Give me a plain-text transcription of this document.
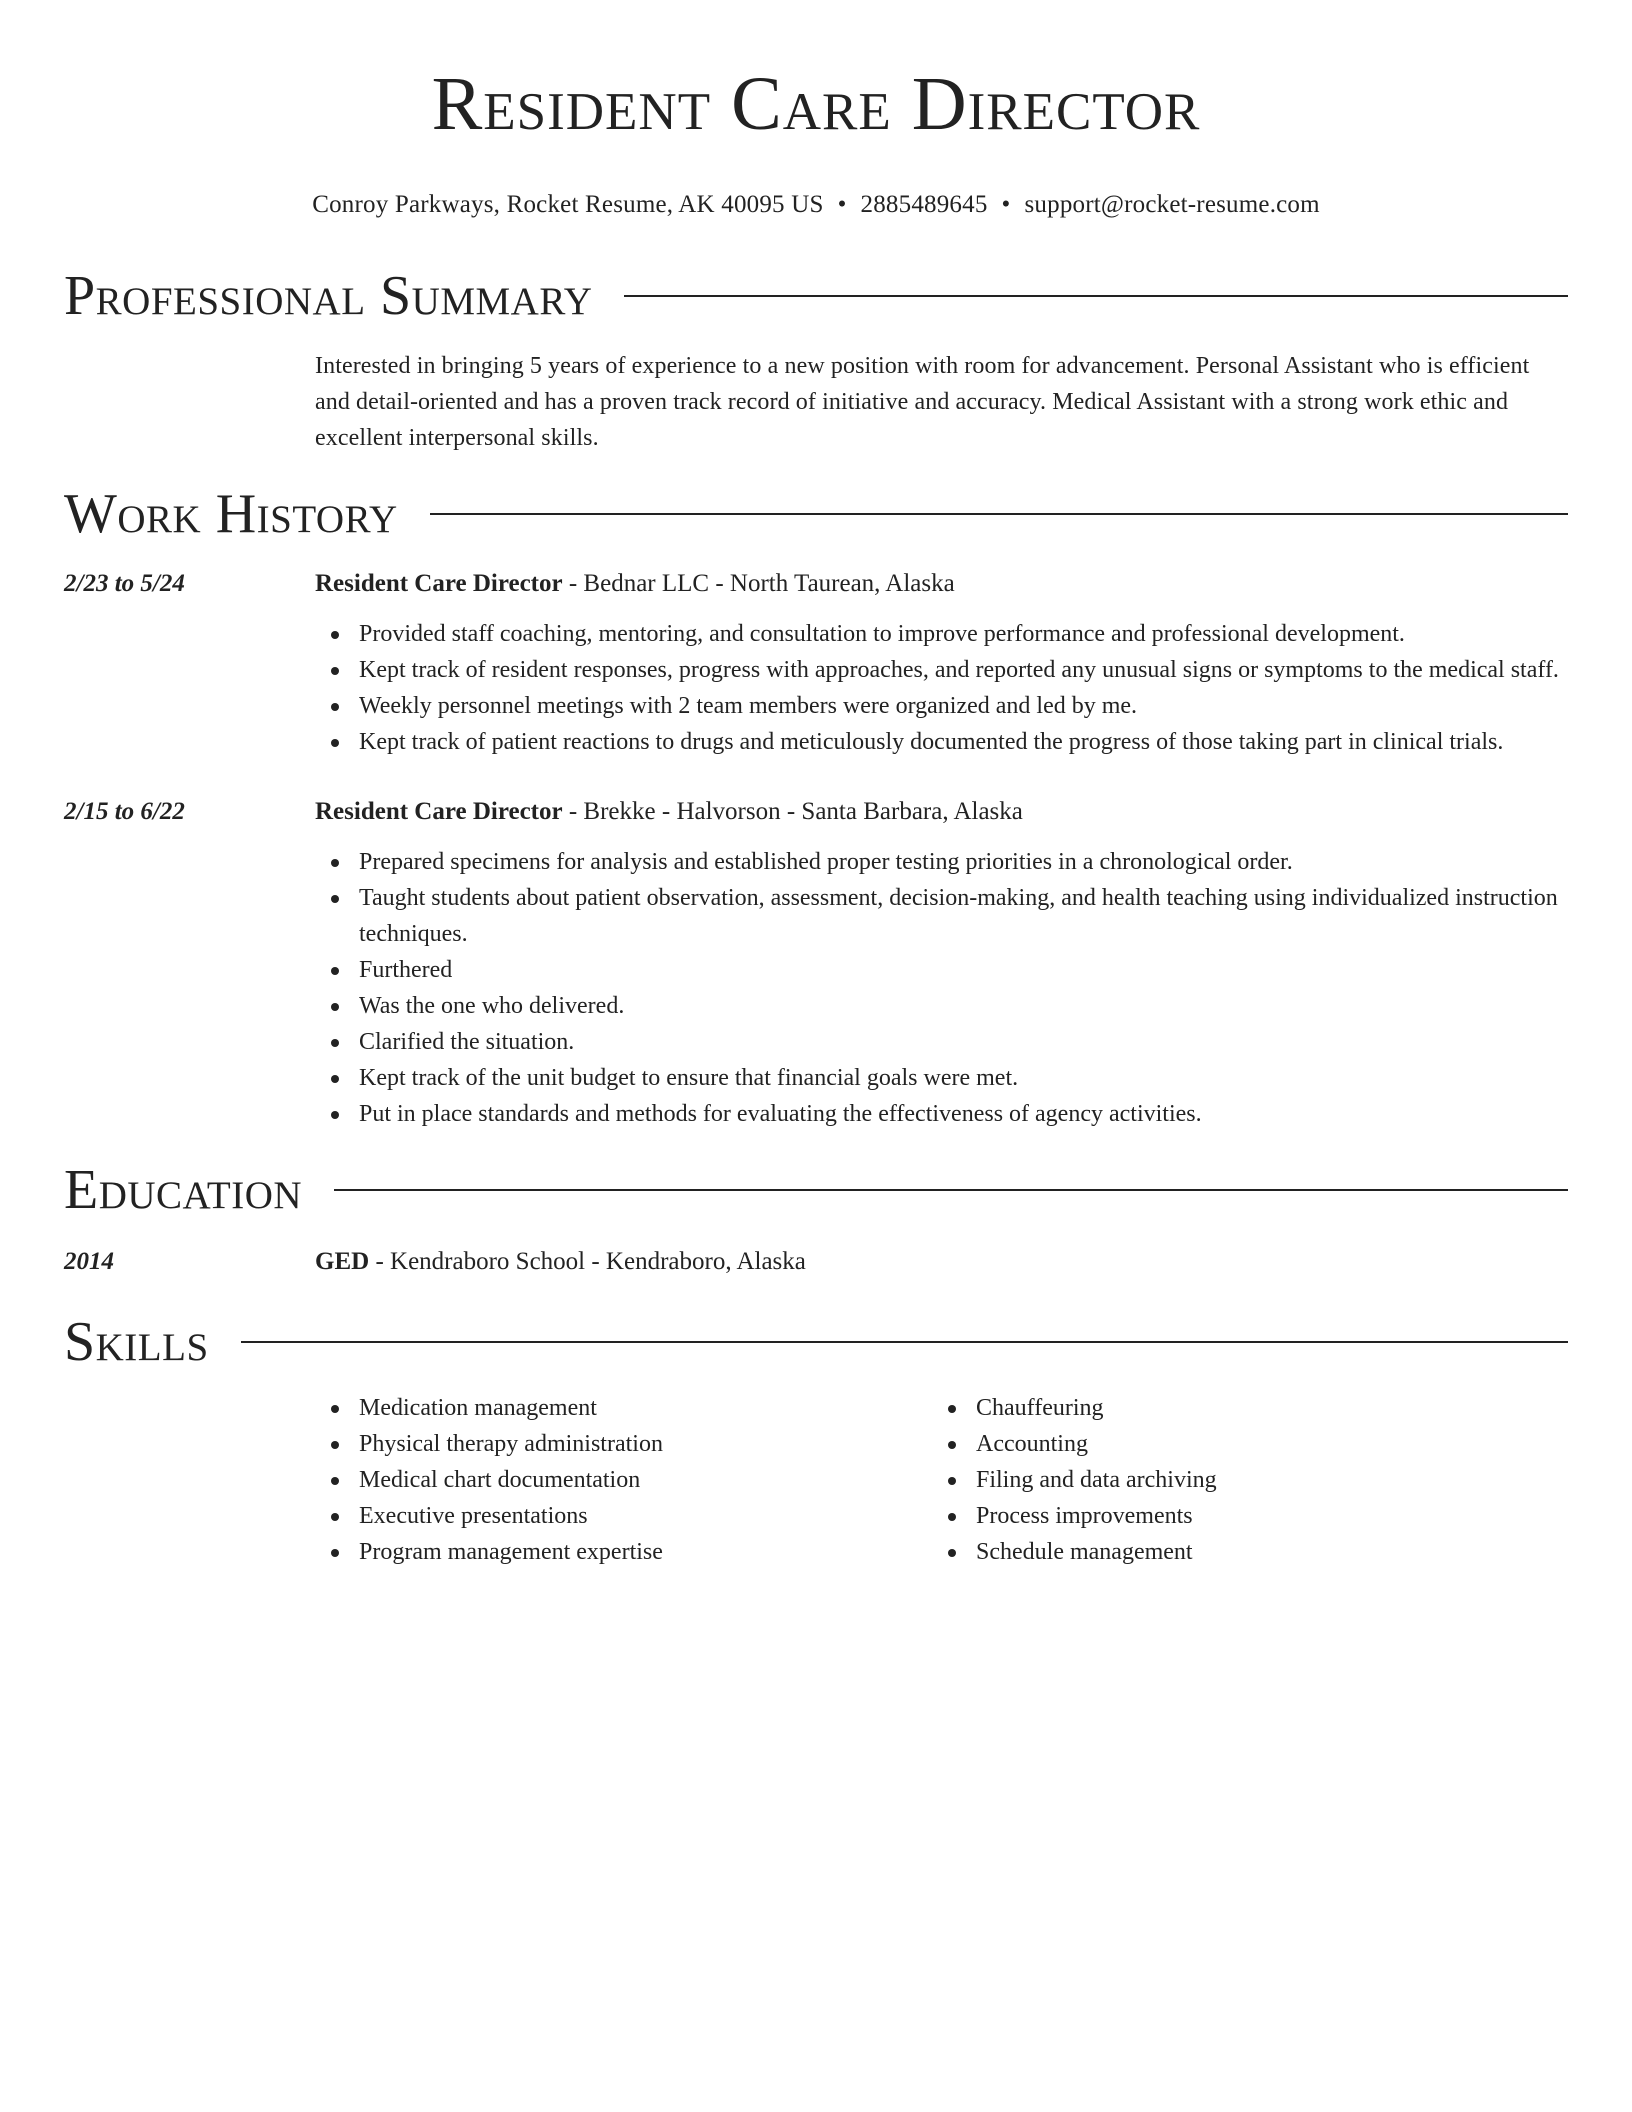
Resident Care Director
Conroy Parkways, Rocket Resume, AK 40095 US • 2885489645 • support@rocket-resume.com
Professional Summary
Interested in bringing 5 years of experience to a new position with room for advancement. Personal Assistant who is efficient and detail-oriented and has a proven track record of initiative and accuracy. Medical Assistant with a strong work ethic and excellent interpersonal skills.
Work History
2/23 to 5/24	Resident Care Director - Bednar LLC - North Taurean, Alaska
Provided staff coaching, mentoring, and consultation to improve performance and professional development.
Kept track of resident responses, progress with approaches, and reported any unusual signs or symptoms to the medical staff.
Weekly personnel meetings with 2 team members were organized and led by me.
Kept track of patient reactions to drugs and meticulously documented the progress of those taking part in clinical trials.
2/15 to 6/22	Resident Care Director - Brekke - Halvorson - Santa Barbara, Alaska
Prepared specimens for analysis and established proper testing priorities in a chronological order.
Taught students about patient observation, assessment, decision-making, and health teaching using individualized instruction techniques.
Furthered
Was the one who delivered.
Clarified the situation.
Kept track of the unit budget to ensure that financial goals were met.
Put in place standards and methods for evaluating the effectiveness of agency activities.
Education
2014	GED - Kendraboro School - Kendraboro, Alaska
Skills
Medication management
Physical therapy administration
Medical chart documentation
Executive presentations
Program management expertise
Chauffeuring
Accounting
Filing and data archiving
Process improvements
Schedule management
